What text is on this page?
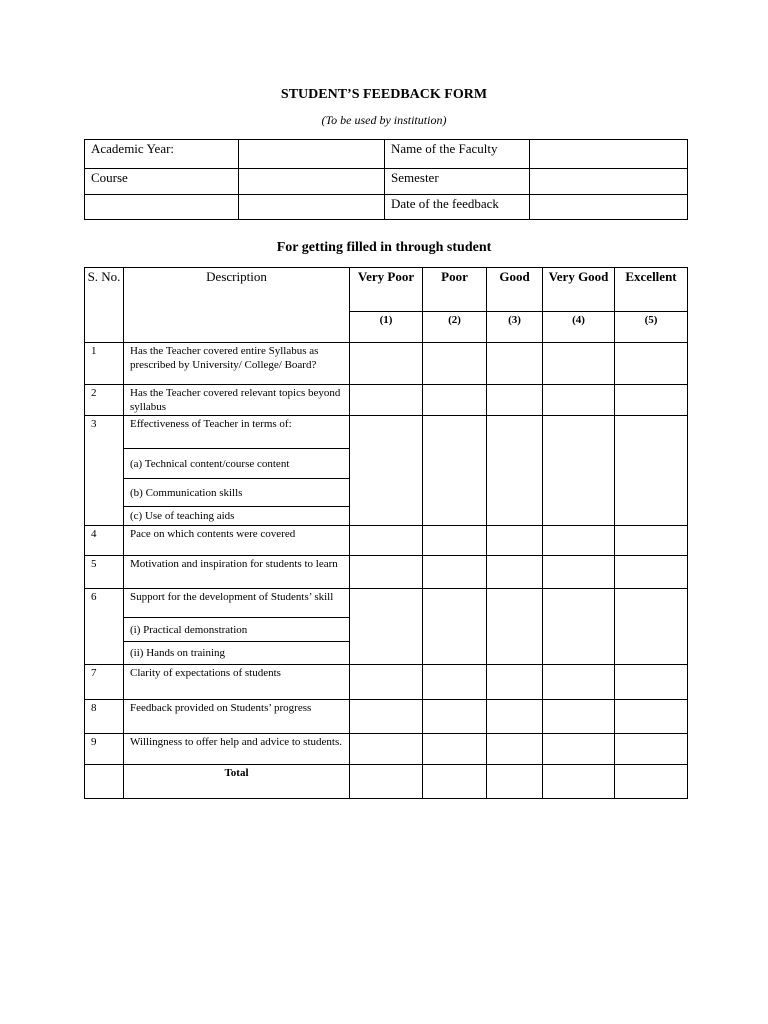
STUDENT’S FEEDBACK FORM
(To be used by institution)
Academic Year:		Name of the Faculty	
Course		Semester	
		Date of the feedback	
For getting filled in through student
S. No.	Description	Very Poor	Poor	Good	Very Good	Excellent
		(1)	(2)	(3)	(4)	(5)
1	Has the Teacher covered entire Syllabus as prescribed by University/ College/ Board?					
2	Has the Teacher covered relevant topics beyond syllabus					
3	Effectiveness of Teacher in terms of:					
	(a) Technical content/course content					
	(b) Communication skills					
	(c) Use of teaching aids					
4	Pace on which contents were covered					
5	Motivation and inspiration for students to learn					
6	Support for the development of Students’ skill					
	(i) Practical demonstration					
	(ii) Hands on training					
7	Clarity of expectations of students					
8	Feedback provided on Students’ progress					
9	Willingness to offer help and advice to students.					
	Total					
